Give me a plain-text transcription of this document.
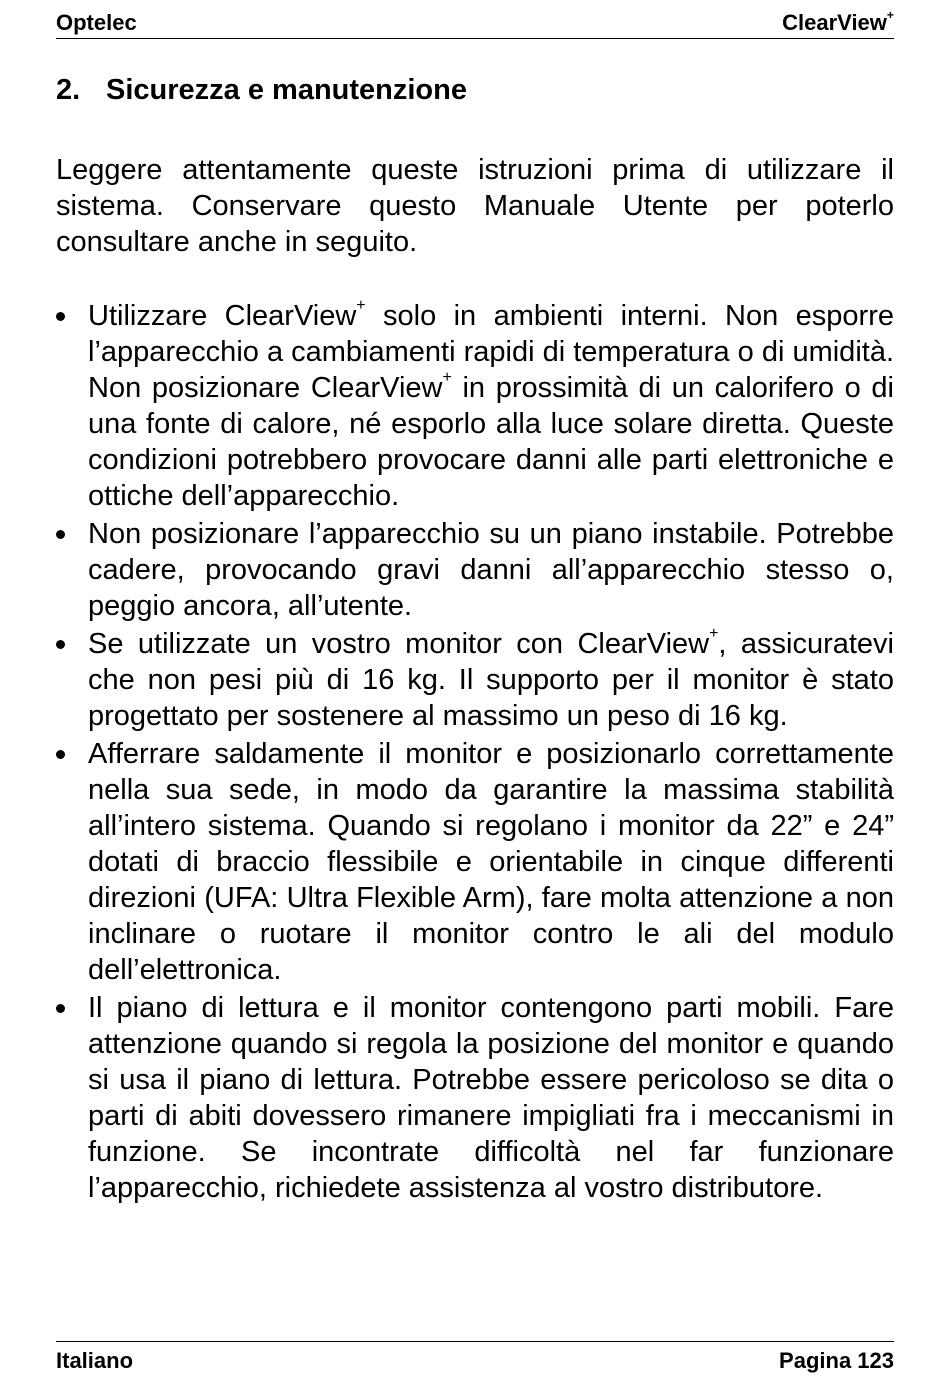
Optelec	ClearView+
2. Sicurezza e manutenzione

Leggere attentamente queste istruzioni prima di utilizzare il sistema. Conservare questo Manuale Utente per poterlo consultare anche in seguito.

Utilizzare ClearView+ solo in ambienti interni. Non esporre l’apparecchio a cambiamenti rapidi di temperatura o di umidità. Non posizionare ClearView+ in prossimità di un calorifero o di una fonte di calore, né esporlo alla luce solare diretta. Queste condizioni potrebbero provocare danni alle parti elettroniche e ottiche dell’apparecchio.
Non posizionare l’apparecchio su un piano instabile. Potrebbe cadere, provocando gravi danni all’apparecchio stesso o, peggio ancora, all’utente.
Se utilizzate un vostro monitor con ClearView+, assicuratevi che non pesi più di 16 kg. Il supporto per il monitor è stato progettato per sostenere al massimo un peso di 16 kg.
Afferrare saldamente il monitor e posizionarlo correttamente nella sua sede, in modo da garantire la massima stabilità all’intero sistema. Quando si regolano i monitor da 22” e 24” dotati di braccio flessibile e orientabile in cinque differenti direzioni (UFA: Ultra Flexible Arm), fare molta attenzione a non inclinare o ruotare il monitor contro le ali del modulo dell’elettronica.
Il piano di lettura e il monitor contengono parti mobili. Fare attenzione quando si regola la posizione del monitor e quando si usa il piano di lettura. Potrebbe essere pericoloso se dita o parti di abiti dovessero rimanere impigliati fra i meccanismi in funzione. Se incontrate difficoltà nel far funzionare l’apparecchio, richiedete assistenza al vostro distributore.
Italiano	Pagina 123
